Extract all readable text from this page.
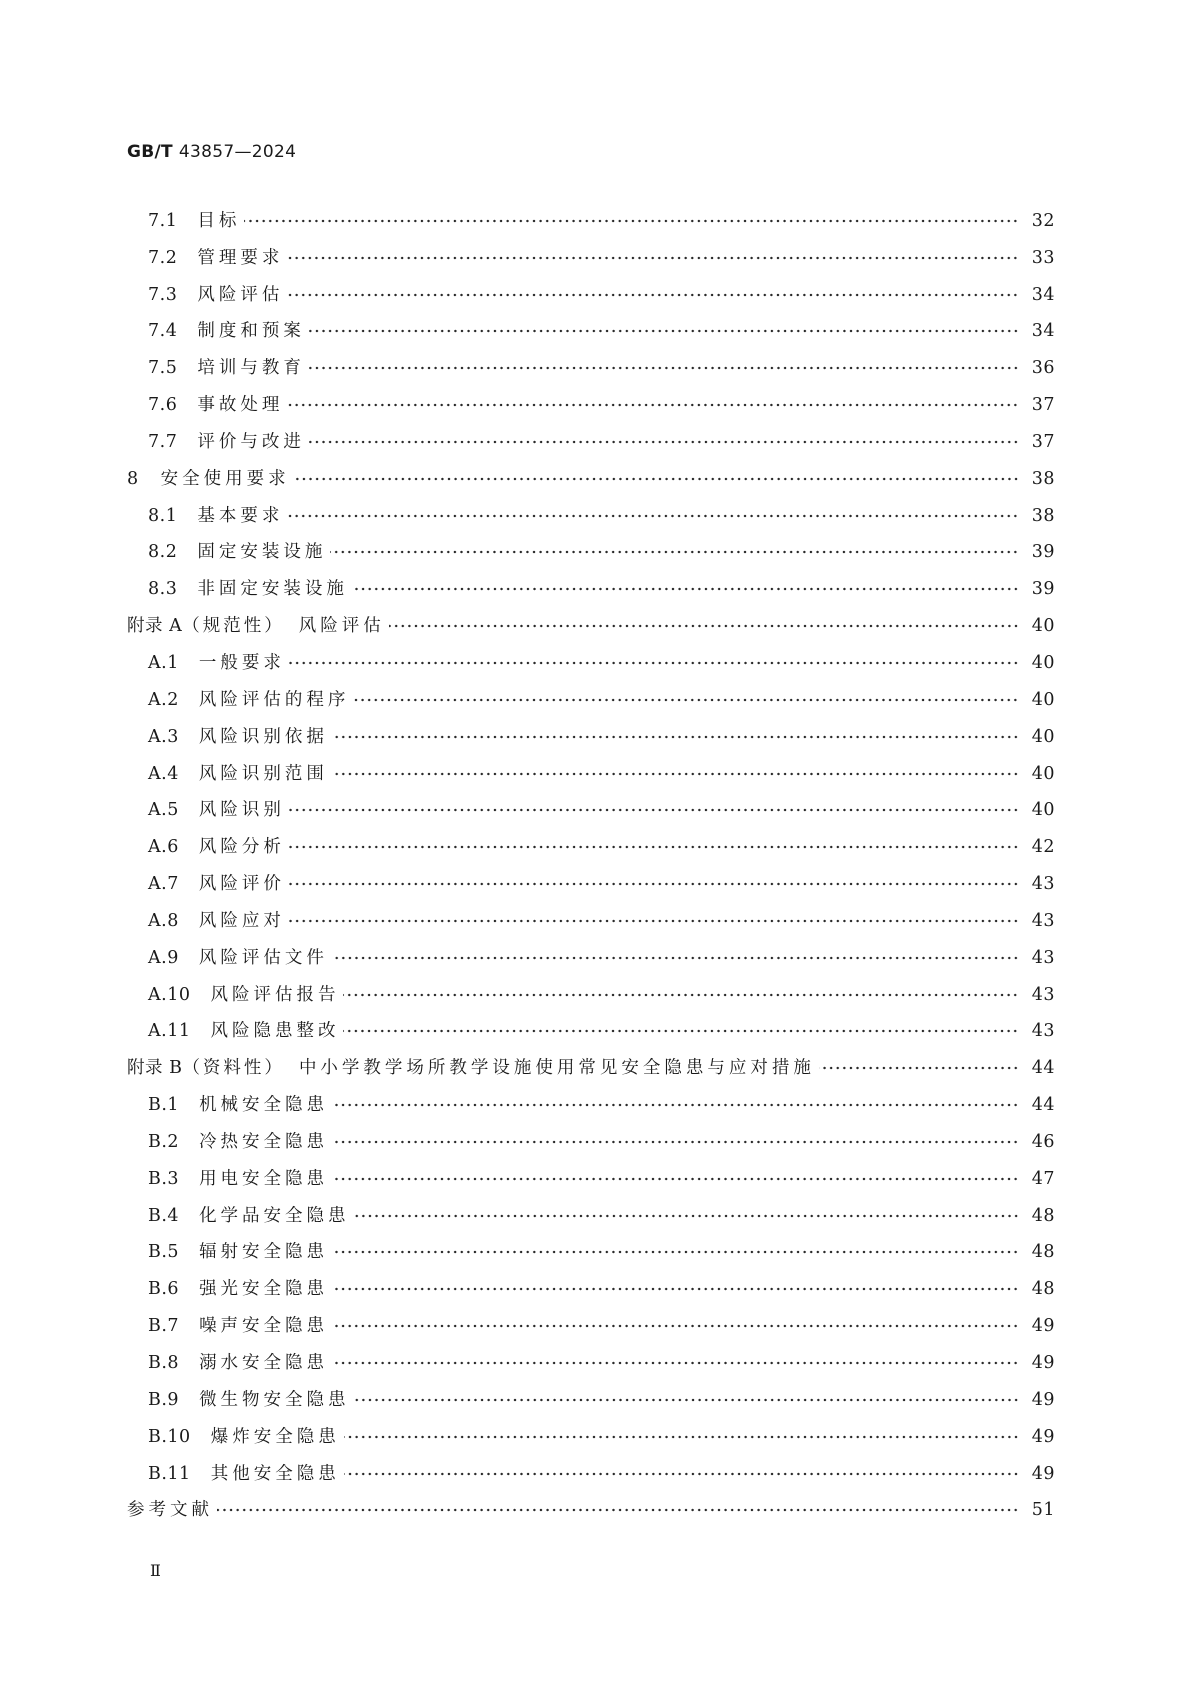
GB/T 43857—2024
7.1 目标	32
7.2 管理要求	33
7.3 风险评估	34
7.4 制度和预案	34
7.5 培训与教育	36
7.6 事故处理	37
7.7 评价与改进	37
8 安全使用要求	38
8.1 基本要求	38
8.2 固定安装设施	39
8.3 非固定安装设施	39
附录 A （规范性） 风险评估	40
A.1 一般要求	40
A.2 风险评估的程序	40
A.3 风险识别依据	40
A.4 风险识别范围	40
A.5 风险识别	40
A.6 风险分析	42
A.7 风险评价	43
A.8 风险应对	43
A.9 风险评估文件	43
A.10 风险评估报告	43
A.11 风险隐患整改	43
附录 B （资料性） 中小学教学场所教学设施使用常见安全隐患与应对措施	44
B.1 机械安全隐患	44
B.2 冷热安全隐患	46
B.3 用电安全隐患	47
B.4 化学品安全隐患	48
B.5 辐射安全隐患	48
B.6 强光安全隐患	48
B.7 噪声安全隐患	49
B.8 溺水安全隐患	49
B.9 微生物安全隐患	49
B.10 爆炸安全隐患	49
B.11 其他安全隐患	49
参考文献	51
Ⅱ
